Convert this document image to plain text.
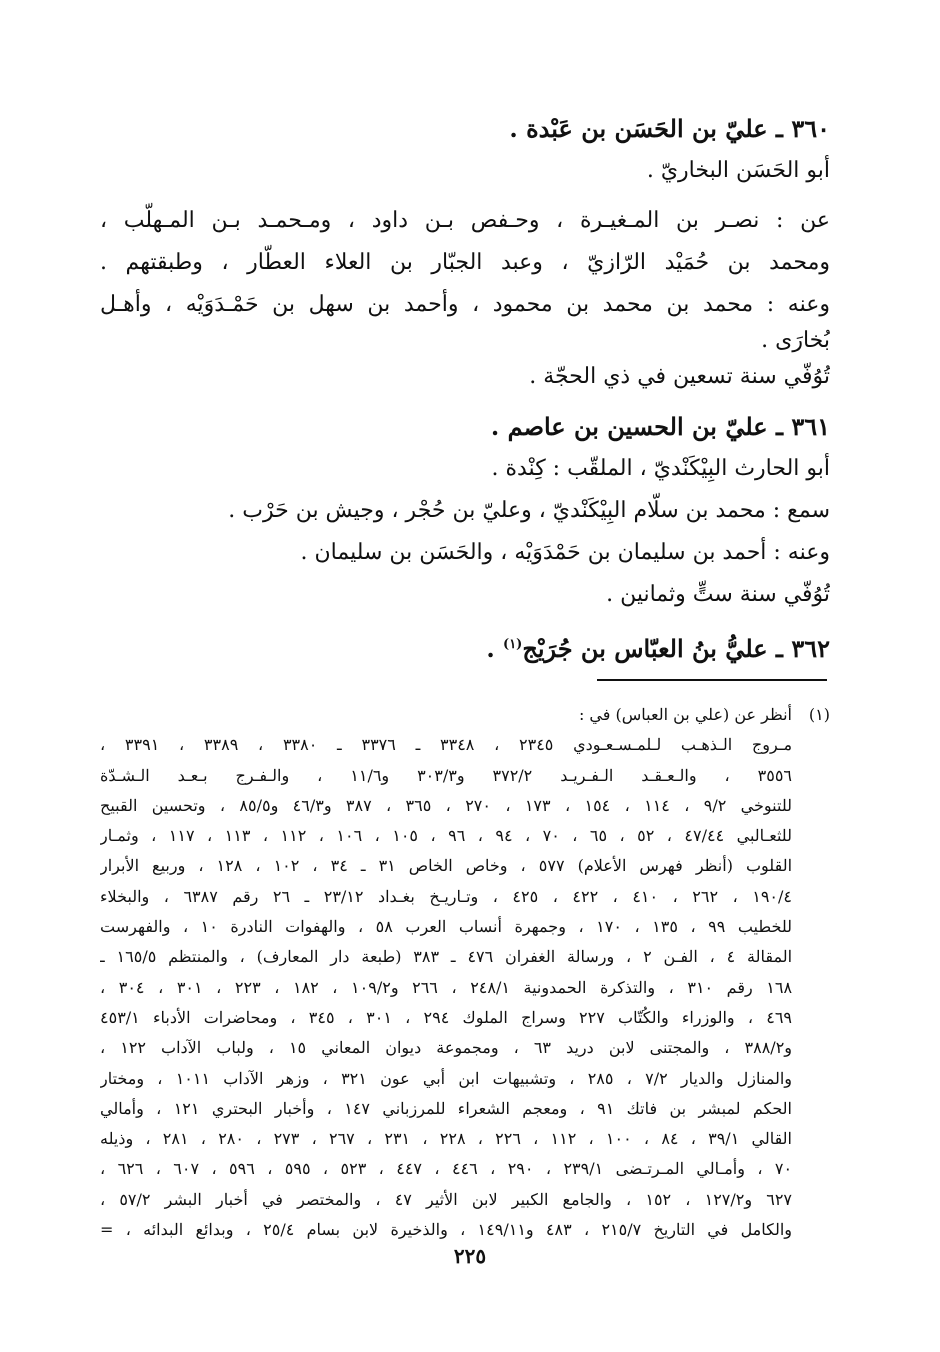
٣٦٠ ـ عليّ بن الحَسَن بن عَبْدة .
أبو الحَسَن البخاريّ .
عن : نصـر بن المـغيـرة ، وحـفص بـن داود ، ومـحمـد بـن المـهلّب ،
ومحمد بن حُمَيْد الرّازيّ ، وعبد الجبّار بن العلاء العطّار ، وطبقتهم .
وعنه : محمد بن محمد بن محمود ، وأحمد بن سهل بن حَمْـدَوَيْه ، وأهـل
بُخارَى .
تُوُفّي سنة تسعين في ذي الحجّة .
٣٦١ ـ عليّ بن الحسين بن عاصم .
أبو الحارث البِيْكَنْديّ ، الملقّب : كِنْدة .
سمع : محمد بن سلّام البِيْكَنْديّ ، وعليّ بن حُجْر ، وجيش بن حَرْب .
وعنه : أحمد بن سليمان بن حَمْدَوَيْه ، والحَسَن بن سليمان .
تُوُفّي سنة ستٍّ وثمانين .
٣٦٢ ـ عليُّ بنُ العبّاس بن جُرَيْج$^{(١)}$ .
(١)أنظر عن (علي بن العباس) في :
مـروج الـذهـب لـلمـسـعـودي ٢٣٤٥ ، ٣٣٤٨ ـ ٣٣٧٦ ـ ٣٣٨٠ ، ٣٣٨٩ ، ٣٣٩١ ،
٣٥٥٦ ، والـعـقـد الـفـريـد ٣٧٢/٢ و٣٠٣/٣ و١١/٦ ، والـفـرج بـعـد الـشـدّة
للتنوخي ٩/٢ ، ١١٤ ، ١٥٤ ، ١٧٣ ، ٢٧٠ ، ٣٦٥ ، ٣٨٧ و٤٦/٣ و٨٥/٥ ، وتحسين القبيح
للثعـالبي ٤٧/٤٤ ، ٥٢ ، ٦٥ ، ٧٠ ، ٩٤ ، ٩٦ ، ١٠٥ ، ١٠٦ ، ١١٢ ، ١١٣ ، ١١٧ ، وثمـار
القلوب (أنظر فهرس الأعلام) ٥٧٧ ، وخاص الخاص ٣١ ـ ٣٤ ، ١٠٢ ، ١٢٨ ، وربيع الأبرار
١٩٠/٤ ، ٢٦٢ ، ٤١٠ ، ٤٢٢ ، ٤٢٥ ، وتـاريـخ بغـداد ٢٣/١٢ ـ ٢٦ رقم ٦٣٨٧ ، والبخلاء
للخطيب ٩٩ ، ١٣٥ ، ١٧٠ ، وجمهرة أنساب العرب ٥٨ ، والهفوات النادرة ١٠ ، والفهرست
المقالة ٤ ، الفـن ٢ ، ورسالة الغفران ٤٧٦ ـ ٣٨٣ (طبعة دار المعارف) ، والمنتظم ١٦٥/٥ ـ
١٦٨ رقم ٣١٠ ، والتذكرة الحمدونية ٢٤٨/١ ، ٢٦٦ و١٠٩/٢ ، ١٨٢ ، ٢٢٣ ، ٣٠١ ، ٣٠٤ ،
٤٦٩ ، والوزراء والكُتّاب ٢٢٧ وسراج الملوك ٢٩٤ ، ٣٠١ ، ٣٤٥ ، ومحاضرات الأدباء ٤٥٣/١
و٣٨٨/٢ ، والمجتنى لابن دريد ٦٣ ، ومجموعة ديوان المعاني ١٥ ، ولباب الآداب ١٢٢ ،
والمنازل والديار ٧/٢ ، ٢٨٥ ، وتشبيهات ابن أبي عون ٣٢١ ، وزهر الآداب ١٠١١ ، ومختار
الحكم لمبشر بن فاتك ٩١ ، ومعجم الشعراء للمرزباني ١٤٧ ، وأخبار البحتري ١٢١ ، وأمالي
القالي ٣٩/١ ، ٨٤ ، ١٠٠ ، ١١٢ ، ٢٢٦ ، ٢٢٨ ، ٢٣١ ، ٢٦٧ ، ٢٧٣ ، ٢٨٠ ، ٢٨١ ، وذيله
٧٠ ، وأمـالي المـرتـضى ٢٣٩/١ ، ٢٩٠ ، ٤٤٦ ، ٤٤٧ ، ٥٢٣ ، ٥٩٥ ، ٥٩٦ ، ٦٠٧ ، ٦٢٦ ،
٦٢٧ و١٢٧/٢ ، ١٥٢ ، والجامع الكبير لابن الأثير ٤٧ ، والمختصر في أخبار البشر ٥٧/٢ ،
والكامل في التاريخ ٢١٥/٧ ، ٤٨٣ و١٤٩/١١ ، والذخيرة لابن بسام ٢٥/٤ ، وبدائع البدائه ، =
٢٢٥
